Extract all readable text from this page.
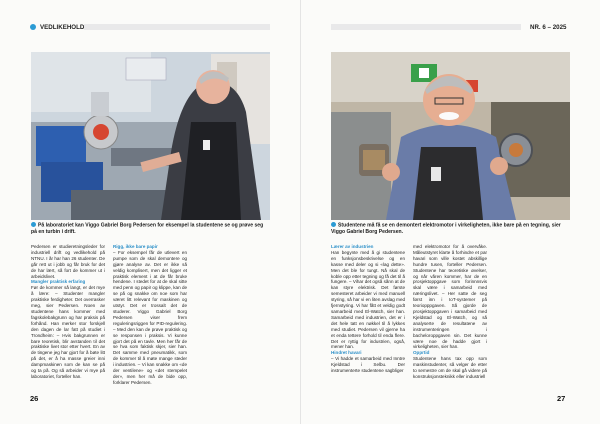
VEDLIKEHOLD
På laboratoriet kan Viggo Gabriel Borg Pedersen for eksempel la studentene se og prøve seg på en turbin i drift.

Pedersen er studieretningsleder for industriell drift og vedlikehold på NTNU. I år har han 26 studenter. De går rett ut i jobb og får bruk for det de har lært, så fort de kommer ut i arbeidslivet.

Mangler praktisk erfaring

Før de kommer så langt, er det mye å lære: – Studenter mangler praktiske ferdigheter. Det overrasker meg, sier Pedersen. Noen av studentene hans kommer med fagskolebakgrunn og har praksis på forhånd. Han merker stor forskjell den dagen de lar fatt på studiet i Trondheim: – Hvis bakgrunnen er bare teoretisk, blir avstanden til det praktiske livet stor etter hvert. En av de tingene jeg har gjort for å bøte litt på det, er å ha masse greier inni dampmaskinen som de kan se på og ta på. Og så arbeider vi mye på laboratoriet, forteller han.

Rigg, ikke bare papir

– For eksempel får de utlevert en pumpe som de skal demontere og gjøre analyse av. Det er ikke så veldig komplisert, men det ligger et praktisk element i at de får bruke hendene. I stedet for at de skal sitte med penn og papir og klippe, kan de se på og snakke om noe som har været litt relevant for maskinen og utstyr. Det er trossalt det de studerer. Viggo Gabriel Borg Pedersen viser frem reguleringsriggen for PID-regulering. – Med den kan de prøve praktisk og se responsen i praksis. Vi kunne gjort det på en tavle. Men her får de se hva som faktisk skjer, sier han. Det samme med pneumatikk, som de kommer til å møte mange steder i industrien. – Vi kan snakke om «de der ventilene» og «det stempelet der», men her må de bide opp, forklarer Pedersen.

26
NR. 6 – 2025
Studentene må få se en demontert elektromotor i virkeligheten, ikke bare på en tegning, sier Viggo Gabriel Borg Pedersen.

Lærer av industrien

Han begynte med å gi studentene en funksjonsbeskrivelse og en kasse med deler og si «lag dette». Men det ble for tungt. Nå skal de koble opp etter tegning og få det til å fungere. – Vihar det også sånn at de kan styre elektrisk. Det første semesteret arbeider vi med manuell styring, så har vi en liten avslag med fjernstyring. Vi har fått et veldig godt samarbeid med El-Watch, sier han. Samarbeid med industrien, det er i det hele tatt en nøkkel til å lykkes med studiet. Pedersen vil gjerne ha et enda tettere forhold til enda flere. Det er ryttig for industrien, også, mener han.

Hindret havari

– Vi hadde et samarbeid med Inntre Kjeldstad i Selbu. Der instrumenterte studentene sagbliger

med elektromotor for å overvåke. Måleutstyret klarte å forhindre et par havari som ville kostet abskillige hundre tusen, forteller Pedersen. Studentene har teoretiske øvelser, og når våren kommer, har de en prosjektoppgave som forinnnsvis skal være i samarbeid med næringslivet. – Her satte de seg først inn i IoT-systemer på teoriopppgaven. Så gjorde de prosjektoppgaven i samarbeid med Kjeldstad og El-Watch, og så analyserte de resultatene av instrumenteringen i bacheloroppgaven sin. Det kunne være noe de hadde gjort i virkeligheten, sier han.

Opprtid

Studentene hans tax opp som maskinstudenter, så velger de etter to semestre om de skal gå videre på konstruksjonsteknikk eller industriell

27
